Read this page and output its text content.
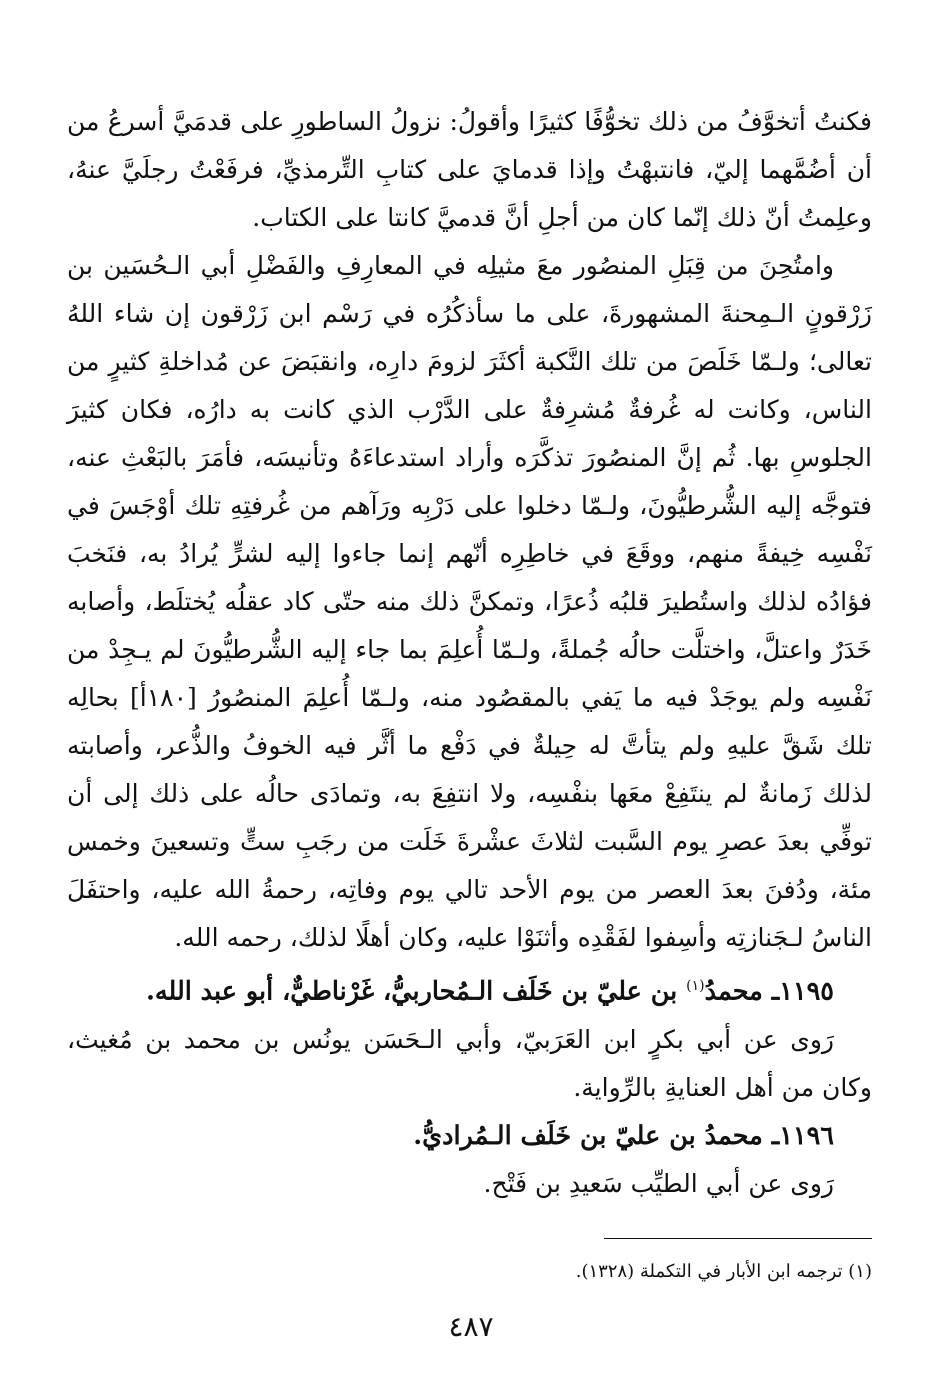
فكنتُ أتخوَّفُ من ذلك تخوُّفًا كثيرًا وأقولُ: نزولُ الساطورِ على قدمَيَّ أسرعُ من أن أضُمَّهما إليّ، فانتبهْتُ وإذا قدمايَ على كتابِ التِّرمذيِّ، فرفَعْتُ رجلَيَّ عنهُ، وعلِمتُ أنّ ذلك إنّما كان من أجلِ أنَّ قدميَّ كانتا على الكتاب.

وامتُحِنَ من قِبَلِ المنصُور معَ مثيلِه في المعارِفِ والفَضْلِ أبي الـحُسَين بن زَرْقونٍ الـمِحنةَ المشهورةَ، على ما سأذكُرُه في رَسْم ابن زَرْقون إن شاء اللهُ تعالى؛ ولـمّا خَلَصَ من تلك النَّكبة أكثَرَ لزومَ دارِه، وانقبَضَ عن مُداخلةِ كثيرٍ من الناس، وكانت له غُرفةٌ مُشرِفةٌ على الدَّرْب الذي كانت به دارُه، فكان كثيرَ الجلوسِ بها. ثُم إنَّ المنصُورَ تذكَّرَه وأراد استدعاءَهُ وتأنيسَه، فأمَرَ بالبَعْثِ عنه، فتوجَّه إليه الشُّرطيُّونَ، ولـمّا دخلوا على دَرْبِه ورَآهم من غُرفتِهِ تلك أوْجَسَ في نَفْسِه خِيفةً منهم، ووقَعَ في خاطِرِه أنّهم إنما جاءوا إليه لشرٍّ يُرادُ به، فنَخبَ فؤادُه لذلك واستُطيرَ قلبُه ذُعرًا، وتمكنَّ ذلك منه حتّى كاد عقلُه يُختلَط، وأصابه خَدَرٌ واعتلَّ، واختلَّت حالُه جُملةً، ولـمّا أُعلِمَ بما جاء إليه الشُّرطيُّونَ لم يـجِدْ من نَفْسِه ولم يوجَدْ فيه ما يَفي بالمقصُود منه، ولـمّا أُعلِمَ المنصُورُ [١٨٠أ] بحالِه تلك شَقَّ عليهِ ولم يتأتَّ له حِيلةٌ في دَفْع ما أثَّر فيه الخوفُ والذُّعر، وأصابته لذلك زَمانةٌ لم ينتَفِعْ معَها بنفْسِه، ولا انتفِعَ به، وتمادَى حالُه على ذلك إلى أن توفِّي بعدَ عصرِ يوم السَّبت لثلاثَ عشْرةَ خَلَت من رجَبِ ستٍّ وتسعينَ وخمس مئة، ودُفنَ بعدَ العصر من يوم الأحد تالي يوم وفاتِه، رحمةُ الله عليه، واحتفَلَ الناسُ لـجَنازتِه وأسِفوا لفَقْدِه وأثنَوْا عليه، وكان أهلًا لذلك، رحمه الله.

١١٩٥ـ محمدُ$^{(١)}$ بن عليّ بن خَلَف الـمُحاربيُّ، غَرْناطيٌّ، أبو عبد الله.

رَوى عن أبي بكرٍ ابن العَرَبيّ، وأبي الـحَسَن يونُس بن محمد بن مُغيث، وكان من أهل العنايةِ بالرِّواية.

١١٩٦ـ محمدُ بن عليّ بن خَلَف الـمُراديُّ.

رَوى عن أبي الطيِّب سَعيدِ بن فَتْح.

(١) ترجمه ابن الأبار في التكملة (١٣٢٨).
٤٨٧
